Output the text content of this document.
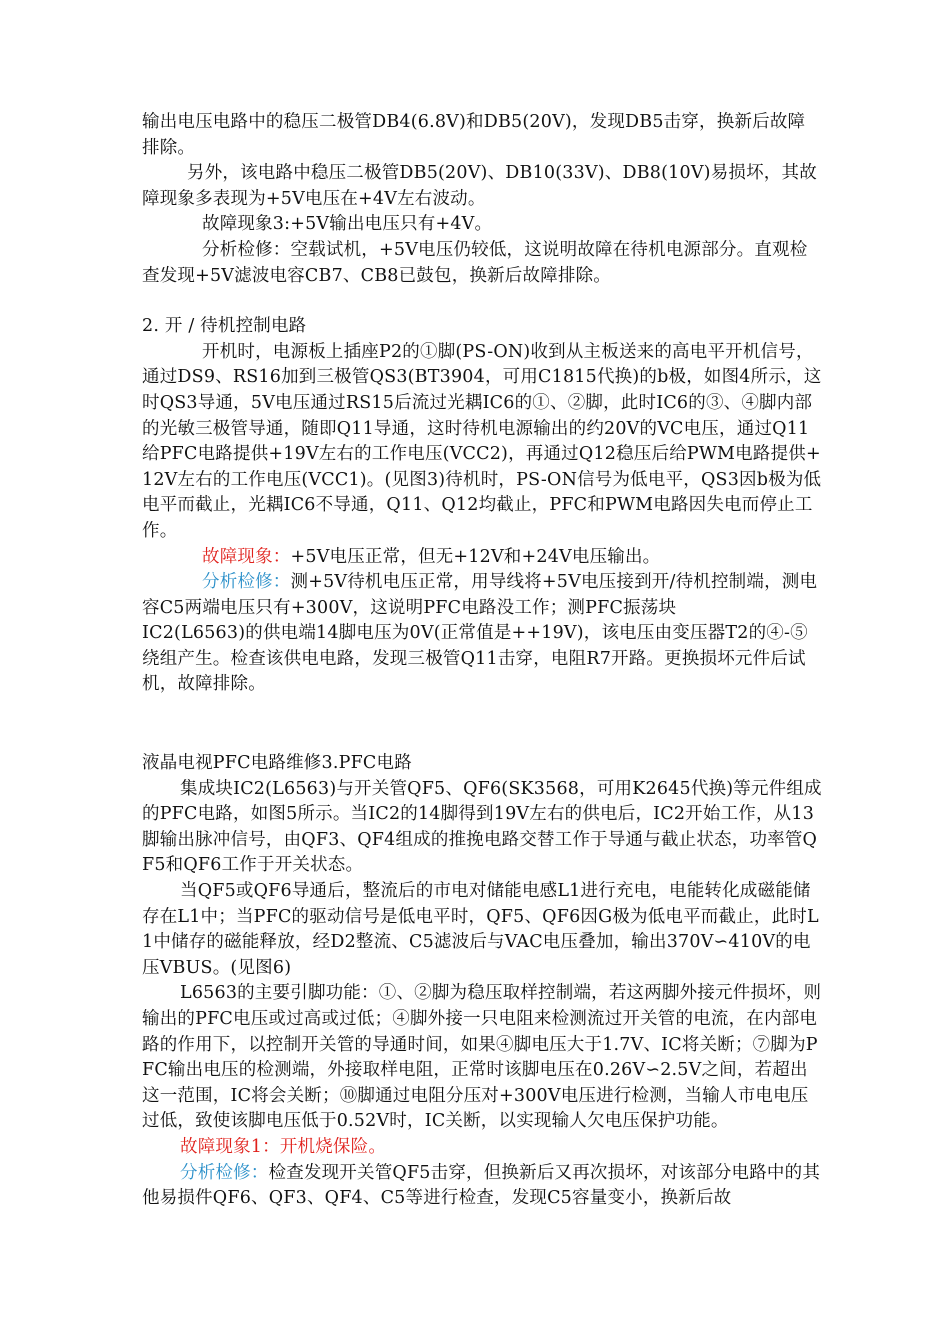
输出电压电路中的稳压二极管DB4(6.8V)和DB5(20V)，发现DB5击穿，换新后故障排除。

另外，该电路中稳压二极管DB5(20V)、DB10(33V)、DB8(10V)易损坏，其故障现象多表现为+5V电压在+4V左右波动。

故障现象3:+5V输出电压只有+4V。

分析检修：空载试机，+5V电压仍较低，这说明故障在待机电源部分。直观检查发现+5V滤波电容CB7、CB8已鼓包，换新后故障排除。

2. 开 / 待机控制电路

开机时，电源板上插座P2的①脚(PS-ON)收到从主板送来的高电平开机信号，通过DS9、RS16加到三极管QS3(BT3904，可用C1815代换)的b极，如图4所示，这时QS3导通，5V电压通过RS15后流过光耦IC6的①、②脚，此时IC6的③、④脚内部的光敏三极管导通，随即Q11导通，这时待机电源输出的约20V的VC电压，通过Q11给PFC电路提供+19V左右的工作电压(VCC2)，再通过Q12稳压后给PWM电路提供+12V左右的工作电压(VCC1)。(见图3)待机时，PS-ON信号为低电平，QS3因b极为低电平而截止，光耦IC6不导通，Q11、Q12均截止，PFC和PWM电路因失电而停止工作。

故障现象：+5V电压正常，但无+12V和+24V电压输出。

分析检修：测+5V待机电压正常，用导线将+5V电压接到开/待机控制端，测电容C5两端电压只有+300V，这说明PFC电路没工作；测PFC振荡块

IC2(L6563)的供电端14脚电压为0V(正常值是++19V)，该电压由变压器T2的④-⑤绕组产生。检查该供电电路，发现三极管Q11击穿，电阻R7开路。更换损坏元件后试机，故障排除。

液晶电视PFC电路维修3.PFC电路

集成块IC2(L6563)与开关管QF5、QF6(SK3568，可用K2645代换)等元件组成的PFC电路，如图5所示。当IC2的14脚得到19V左右的供电后，IC2开始工作，从13脚输出脉冲信号，由QF3、QF4组成的推挽电路交替工作于导通与截止状态，功率管QF5和QF6工作于开关状态。

当QF5或QF6导通后，整流后的市电对储能电感L1进行充电，电能转化成磁能储存在L1中；当PFC的驱动信号是低电平时，QF5、QF6因G极为低电平而截止，此时L1中储存的磁能释放，经D2整流、C5滤波后与VAC电压叠加，输出370V∽410V的电压VBUS。(见图6)

L6563的主要引脚功能：①、②脚为稳压取样控制端，若这两脚外接元件损坏，则输出的PFC电压或过高或过低；④脚外接一只电阻来检测流过开关管的电流，在内部电路的作用下，以控制开关管的导通时间，如果④脚电压大于1.7V、IC将关断；⑦脚为PFC输出电压的检测端，外接取样电阻，正常时该脚电压在0.26V∽2.5V之间，若超出这一范围，IC将会关断；⑩脚通过电阻分压对+300V电压进行检测，当输人市电电压过低，致使该脚电压低于0.52V时，IC关断，以实现输人欠电压保护功能。

故障现象1：开机烧保险。

分析检修：检查发现开关管QF5击穿，但换新后又再次损坏，对该部分电路中的其他易损件QF6、QF3、QF4、C5等进行检查，发现C5容量变小，换新后故
